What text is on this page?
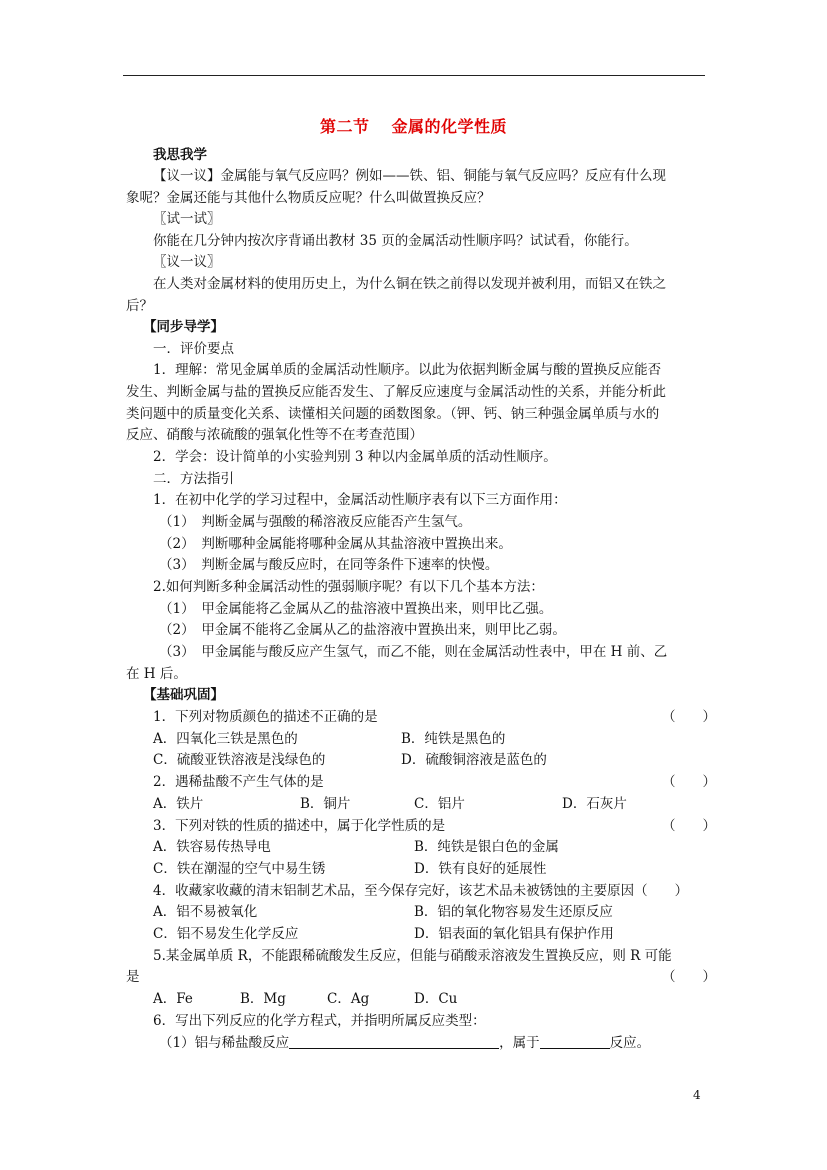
第二节 金属的化学性质
我思我学
【议一议】金属能与氧气反应吗？例如——铁、铝、铜能与氧气反应吗？反应有什么现
象呢？金属还能与其他什么物质反应呢？什么叫做置换反应？
〖试一试〗
你能在几分钟内按次序背诵出教材 35 页的金属活动性顺序吗？试试看，你能行。
〖议一议〗
在人类对金属材料的使用历史上，为什么铜在铁之前得以发现并被利用，而铝又在铁之
后？
【同步导学】
一．评价要点
1．理解：常见金属单质的金属活动性顺序。以此为依据判断金属与酸的置换反应能否
发生、判断金属与盐的置换反应能否发生、了解反应速度与金属活动性的关系，并能分析此
类问题中的质量变化关系、读懂相关问题的函数图象。（钾、钙、钠三种强金属单质与水的
反应、硝酸与浓硫酸的强氧化性等不在考查范围）
2．学会：设计简单的小实验判别 3 种以内金属单质的活动性顺序。
二．方法指引
1．在初中化学的学习过程中，金属活动性顺序表有以下三方面作用：
（1）　判断金属与强酸的稀溶液反应能否产生氢气。
（2）　判断哪种金属能将哪种金属从其盐溶液中置换出来。
（3）　判断金属与酸反应时，在同等条件下速率的快慢。
2.如何判断多种金属活动性的强弱顺序呢？有以下几个基本方法：
（1）　甲金属能将乙金属从乙的盐溶液中置换出来，则甲比乙强。
（2）　甲金属不能将乙金属从乙的盐溶液中置换出来，则甲比乙弱。
（3）　甲金属能与酸反应产生氢气，而乙不能，则在金属活动性表中，甲在 H 前、乙
在 H 后。
【基础巩固】
1．下列对物质颜色的描述不正确的是	（　　）
A．四氧化三铁是黑色的	B．纯铁是黑色的
C．硫酸亚铁溶液是浅绿色的	D．硫酸铜溶液是蓝色的
2．遇稀盐酸不产生气体的是	（　　）
A．铁片	B．铜片	C．铝片	D．石灰片
3．下列对铁的性质的描述中，属于化学性质的是	（　　）
A．铁容易传热导电	B．纯铁是银白色的金属
C．铁在潮湿的空气中易生锈	D．铁有良好的延展性
4．收藏家收藏的清末铝制艺术品，至今保存完好，该艺术品未被锈蚀的主要原因（　　）
A．铝不易被氧化	B．铝的氧化物容易发生还原反应
C．铝不易发生化学反应	D．铝表面的氧化铝具有保护作用
5.某金属单质 R，不能跟稀硫酸发生反应，但能与硝酸汞溶液发生置换反应，则 R 可能
是	（　　）
A．Fe	B．Mg	C．Ag	D．Cu
6．写出下列反应的化学方程式，并指明所属反应类型：
（1）铝与稀盐酸反应	，属于	反应。
4
